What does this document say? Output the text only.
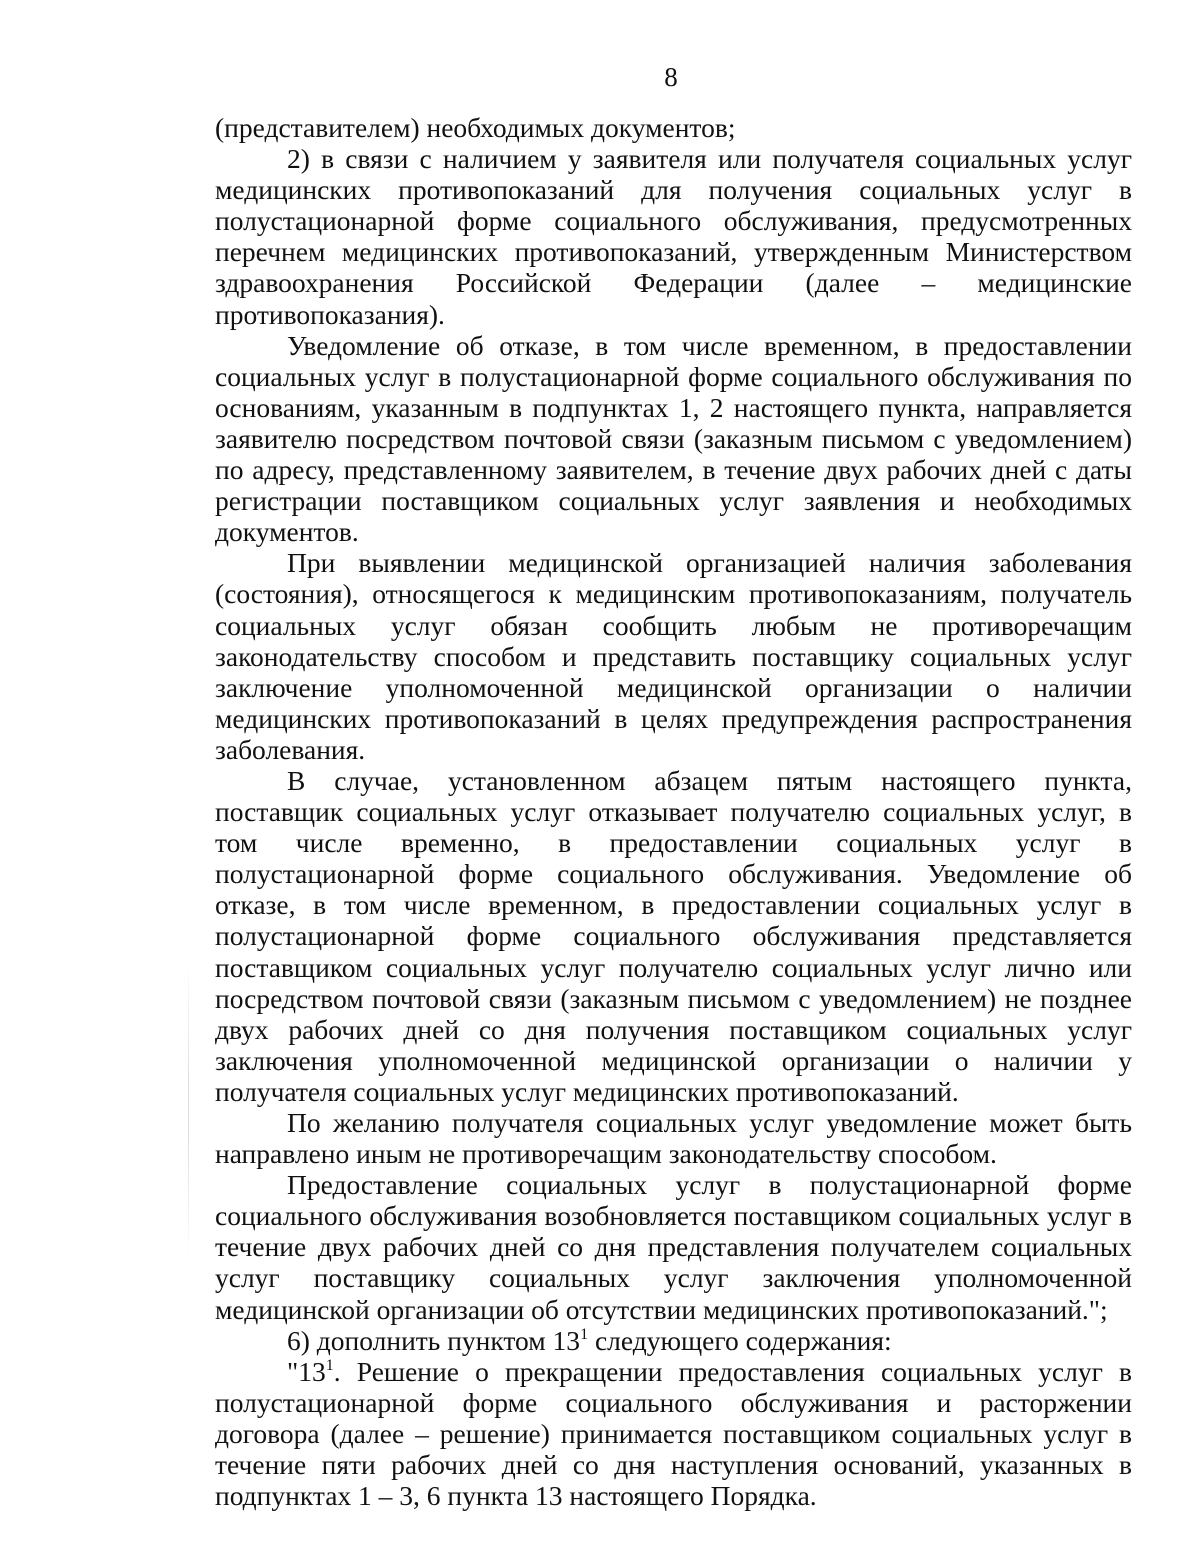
8

(представителем) необходимых документов;

2) в связи с наличием у заявителя или получателя социальных услуг медицинских противопоказаний для получения социальных услуг в полустационарной форме социального обслуживания, предусмотренных перечнем медицинских противопоказаний, утвержденным Министерством здравоохранения Российской Федерации (далее – медицинские противопоказания).

Уведомление об отказе, в том числе временном, в предоставлении социальных услуг в полустационарной форме социального обслуживания по основаниям, указанным в подпунктах 1, 2 настоящего пункта, направляется заявителю посредством почтовой связи (заказным письмом с уведомлением) по адресу, представленному заявителем, в течение двух рабочих дней с даты регистрации поставщиком социальных услуг заявления и необходимых документов.

При выявлении медицинской организацией наличия заболевания (состояния), относящегося к медицинским противопоказаниям, получатель социальных услуг обязан сообщить любым не противоречащим законодательству способом и представить поставщику социальных услуг заключение уполномоченной медицинской организации о наличии медицинских противопоказаний в целях предупреждения распространения заболевания.

В случае, установленном абзацем пятым настоящего пункта, поставщик социальных услуг отказывает получателю социальных услуг, в том числе временно, в предоставлении социальных услуг в полустационарной форме социального обслуживания. Уведомление об отказе, в том числе временном, в предоставлении социальных услуг в полустационарной форме социального обслуживания представляется поставщиком социальных услуг получателю социальных услуг лично или посредством почтовой связи (заказным письмом с уведомлением) не позднее двух рабочих дней со дня получения поставщиком социальных услуг заключения уполномоченной медицинской организации о наличии у получателя социальных услуг медицинских противопоказаний.

По желанию получателя социальных услуг уведомление может быть направлено иным не противоречащим законодательству способом.

Предоставление социальных услуг в полустационарной форме социального обслуживания возобновляется поставщиком социальных услуг в течение двух рабочих дней со дня представления получателем социальных услуг поставщику социальных услуг заключения уполномоченной медицинской организации об отсутствии медицинских противопоказаний.";

6) дополнить пунктом $13^1$ следующего содержания:

"$13^1$. Решение о прекращении предоставления социальных услуг в полустационарной форме социального обслуживания и расторжении договора (далее – решение) принимается поставщиком социальных услуг в течение пяти рабочих дней со дня наступления оснований, указанных в подпунктах 1 – 3, 6 пункта 13 настоящего Порядка.
